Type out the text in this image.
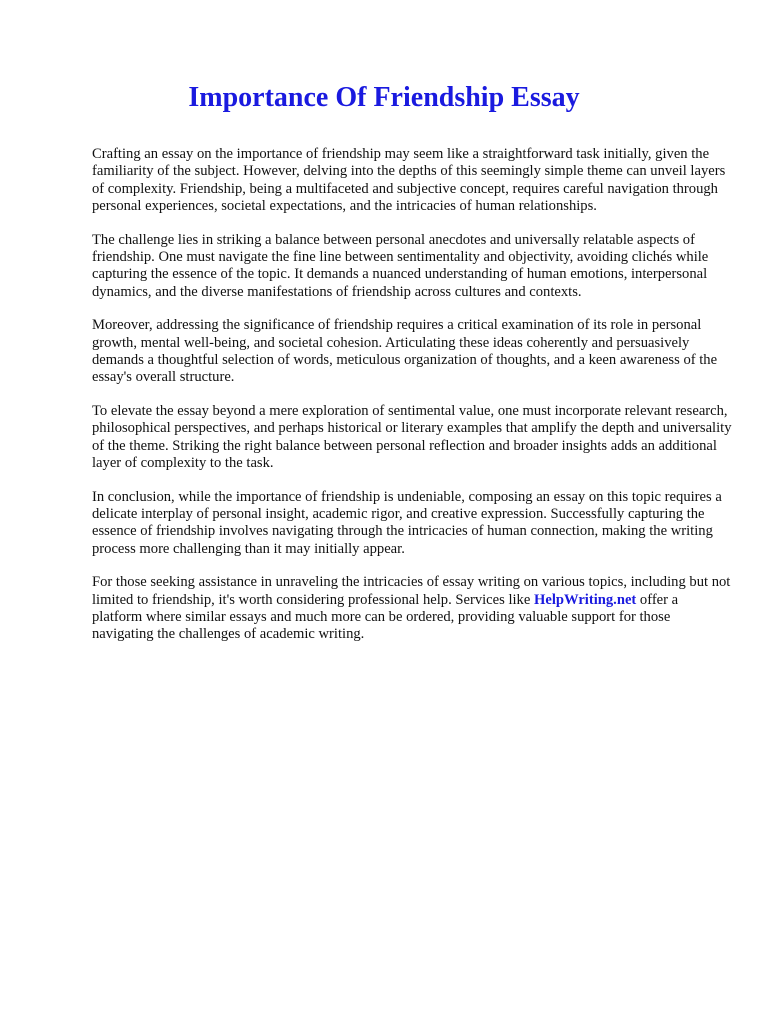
Importance Of Friendship Essay

Crafting an essay on the importance of friendship may seem like a straightforward task initially, given the familiarity of the subject. However, delving into the depths of this seemingly simple theme can unveil layers of complexity. Friendship, being a multifaceted and subjective concept, requires careful navigation through personal experiences, societal expectations, and the intricacies of human relationships.

The challenge lies in striking a balance between personal anecdotes and universally relatable aspects of friendship. One must navigate the fine line between sentimentality and objectivity, avoiding clichés while capturing the essence of the topic. It demands a nuanced understanding of human emotions, interpersonal dynamics, and the diverse manifestations of friendship across cultures and contexts.

Moreover, addressing the significance of friendship requires a critical examination of its role in personal growth, mental well-being, and societal cohesion. Articulating these ideas coherently and persuasively demands a thoughtful selection of words, meticulous organization of thoughts, and a keen awareness of the essay's overall structure.

To elevate the essay beyond a mere exploration of sentimental value, one must incorporate relevant research, philosophical perspectives, and perhaps historical or literary examples that amplify the depth and universality of the theme. Striking the right balance between personal reflection and broader insights adds an additional layer of complexity to the task.

In conclusion, while the importance of friendship is undeniable, composing an essay on this topic requires a delicate interplay of personal insight, academic rigor, and creative expression. Successfully capturing the essence of friendship involves navigating through the intricacies of human connection, making the writing process more challenging than it may initially appear.

For those seeking assistance in unraveling the intricacies of essay writing on various topics, including but not limited to friendship, it's worth considering professional help. Services like HelpWriting.net offer a platform where similar essays and much more can be ordered, providing valuable support for those navigating the challenges of academic writing.
